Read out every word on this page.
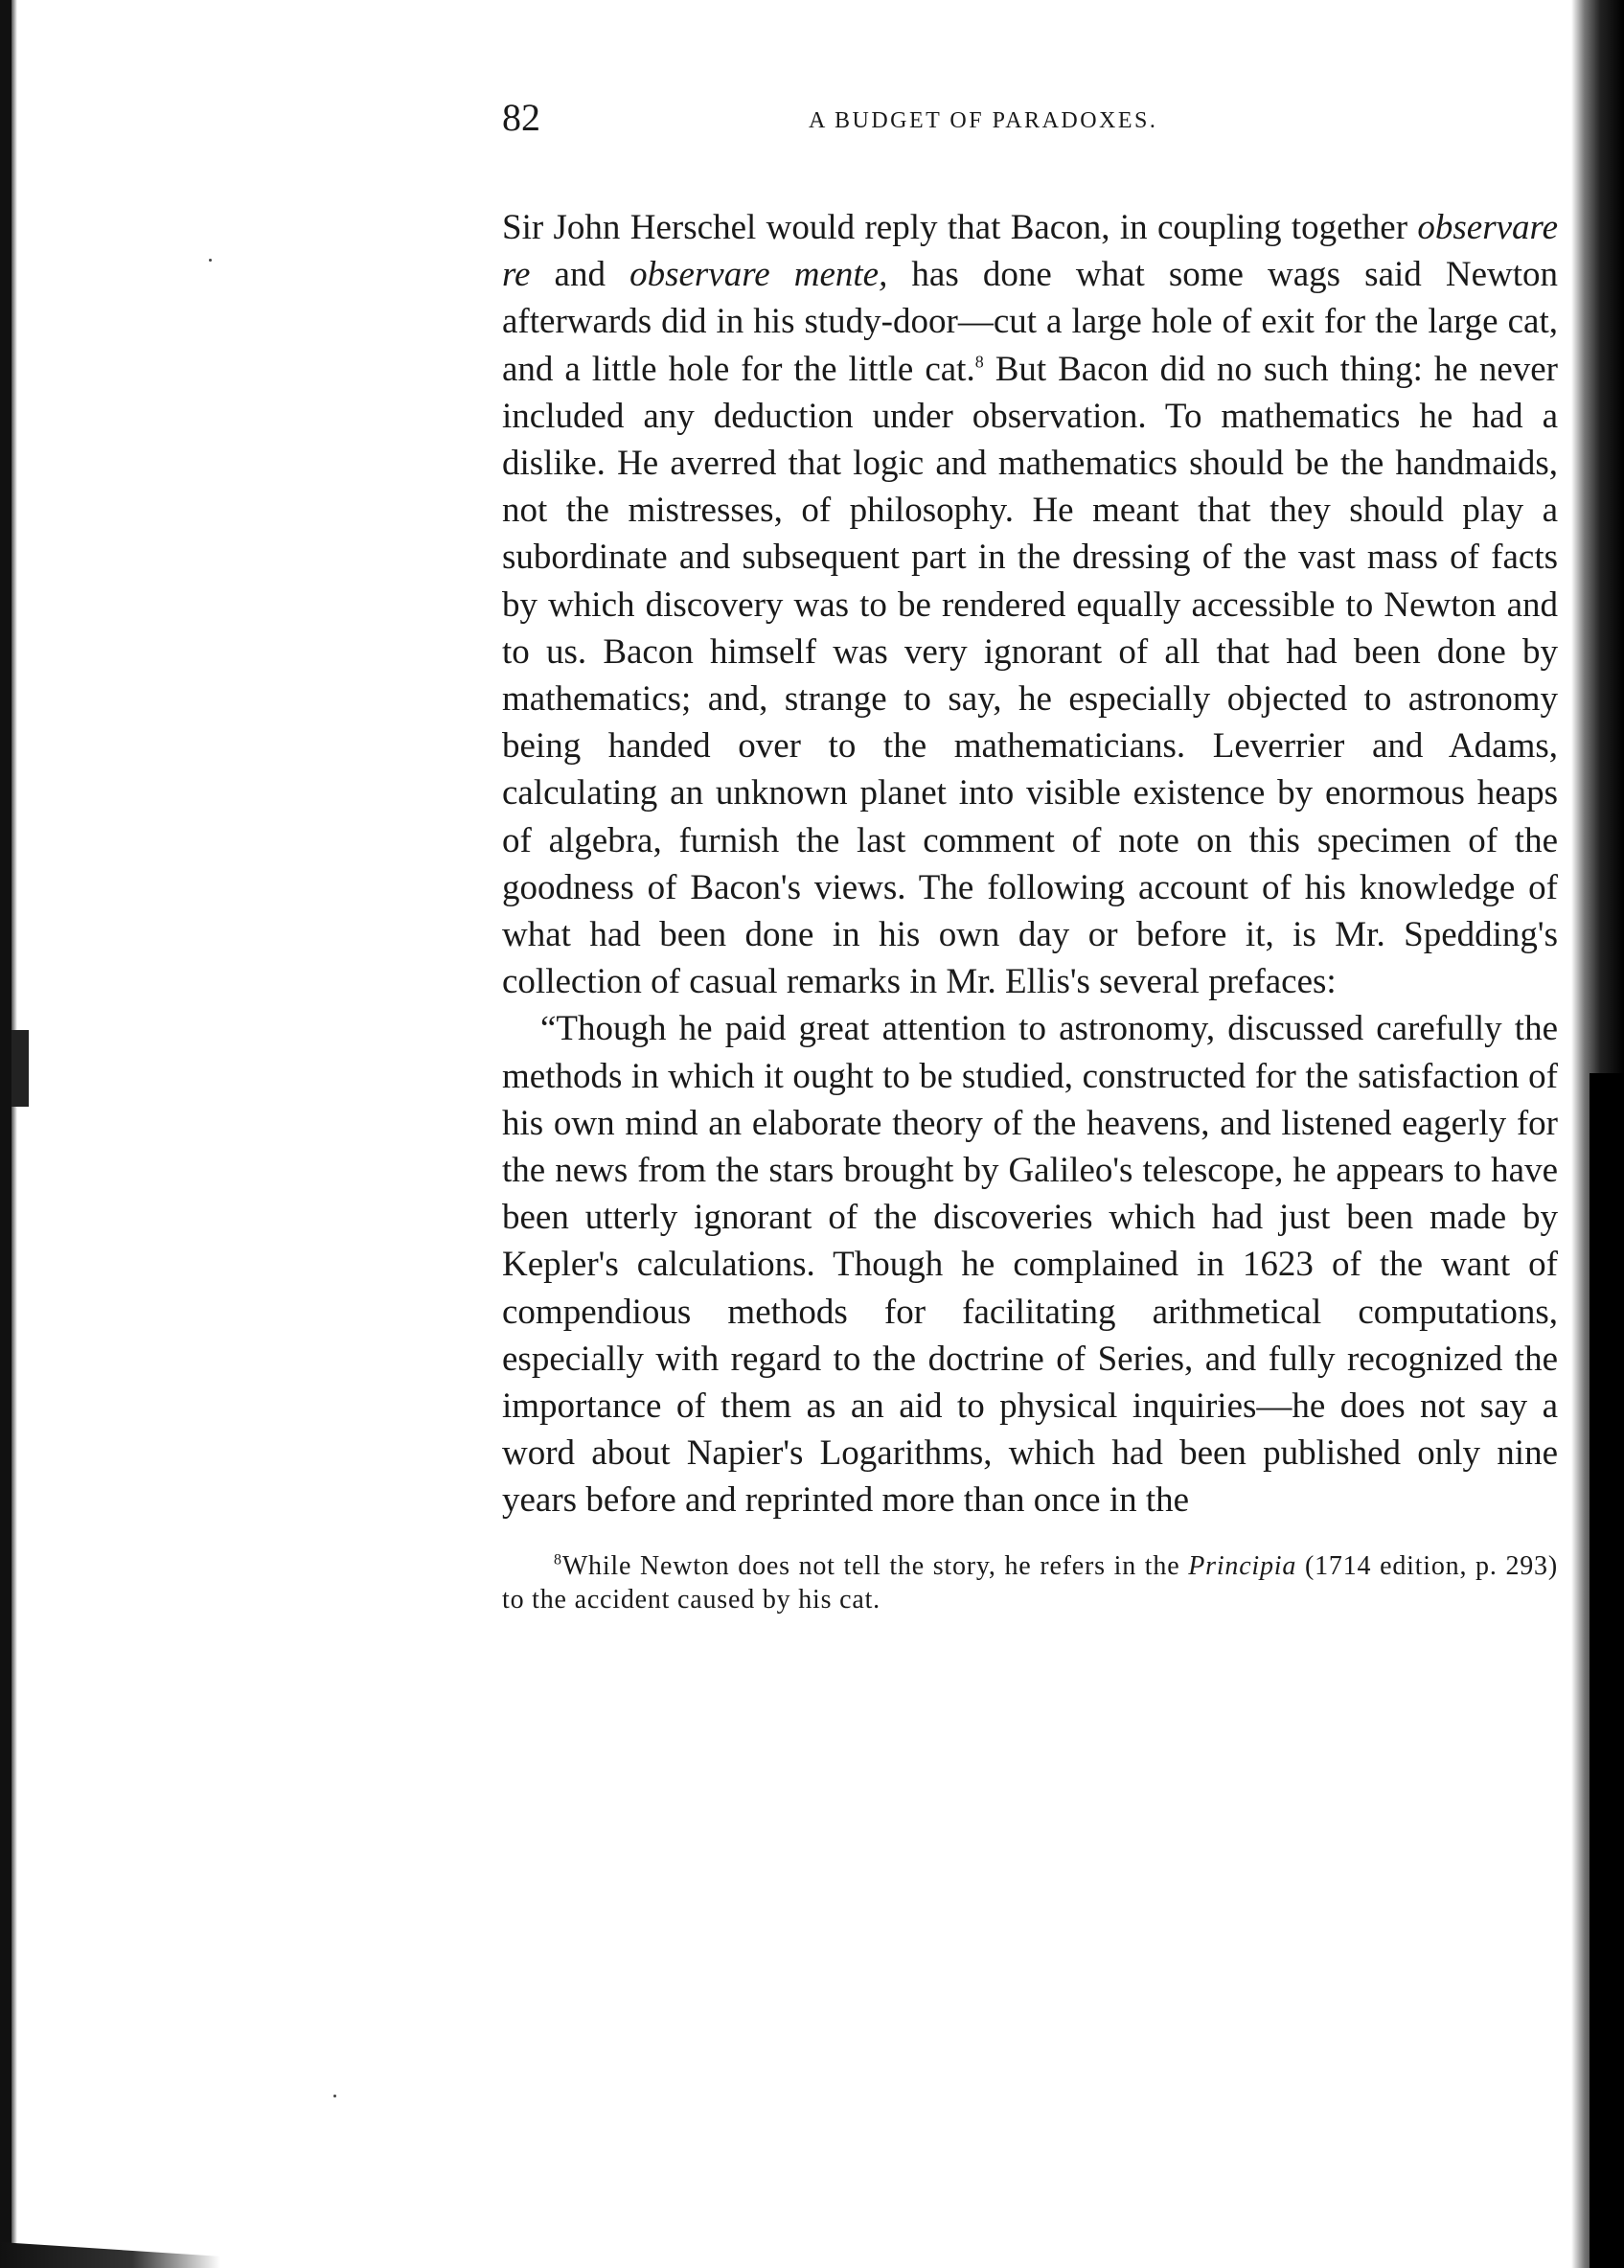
82	A BUDGET OF PARADOXES.

Sir John Herschel would reply that Bacon, in coupling together observare re and observare mente, has done what some wags said Newton afterwards did in his study-door—cut a large hole of exit for the large cat, and a little hole for the little cat.$^8$ But Bacon did no such thing: he never included any deduction under observation. To mathematics he had a dislike. He averred that logic and mathematics should be the handmaids, not the mistresses, of philosophy. He meant that they should play a subordinate and subsequent part in the dressing of the vast mass of facts by which discovery was to be rendered equally accessible to Newton and to us. Bacon himself was very ignorant of all that had been done by mathematics; and, strange to say, he especially objected to astronomy being handed over to the mathematicians. Leverrier and Adams, calculating an unknown planet into visible existence by enormous heaps of algebra, furnish the last comment of note on this specimen of the goodness of Bacon's views. The following account of his knowledge of what had been done in his own day or before it, is Mr. Spedding's collection of casual remarks in Mr. Ellis's several prefaces:

“Though he paid great attention to astronomy, discussed carefully the methods in which it ought to be studied, constructed for the satisfaction of his own mind an elaborate theory of the heavens, and listened eagerly for the news from the stars brought by Galileo's telescope, he appears to have been utterly ignorant of the discoveries which had just been made by Kepler's calculations. Though he complained in 1623 of the want of compendious methods for facilitating arithmetical computations, especially with regard to the doctrine of Series, and fully recognized the importance of them as an aid to physical inquiries—he does not say a word about Napier's Logarithms, which had been published only nine years before and reprinted more than once in the

$^8$While Newton does not tell the story, he refers in the Principia (1714 edition, p. 293) to the accident caused by his cat.
